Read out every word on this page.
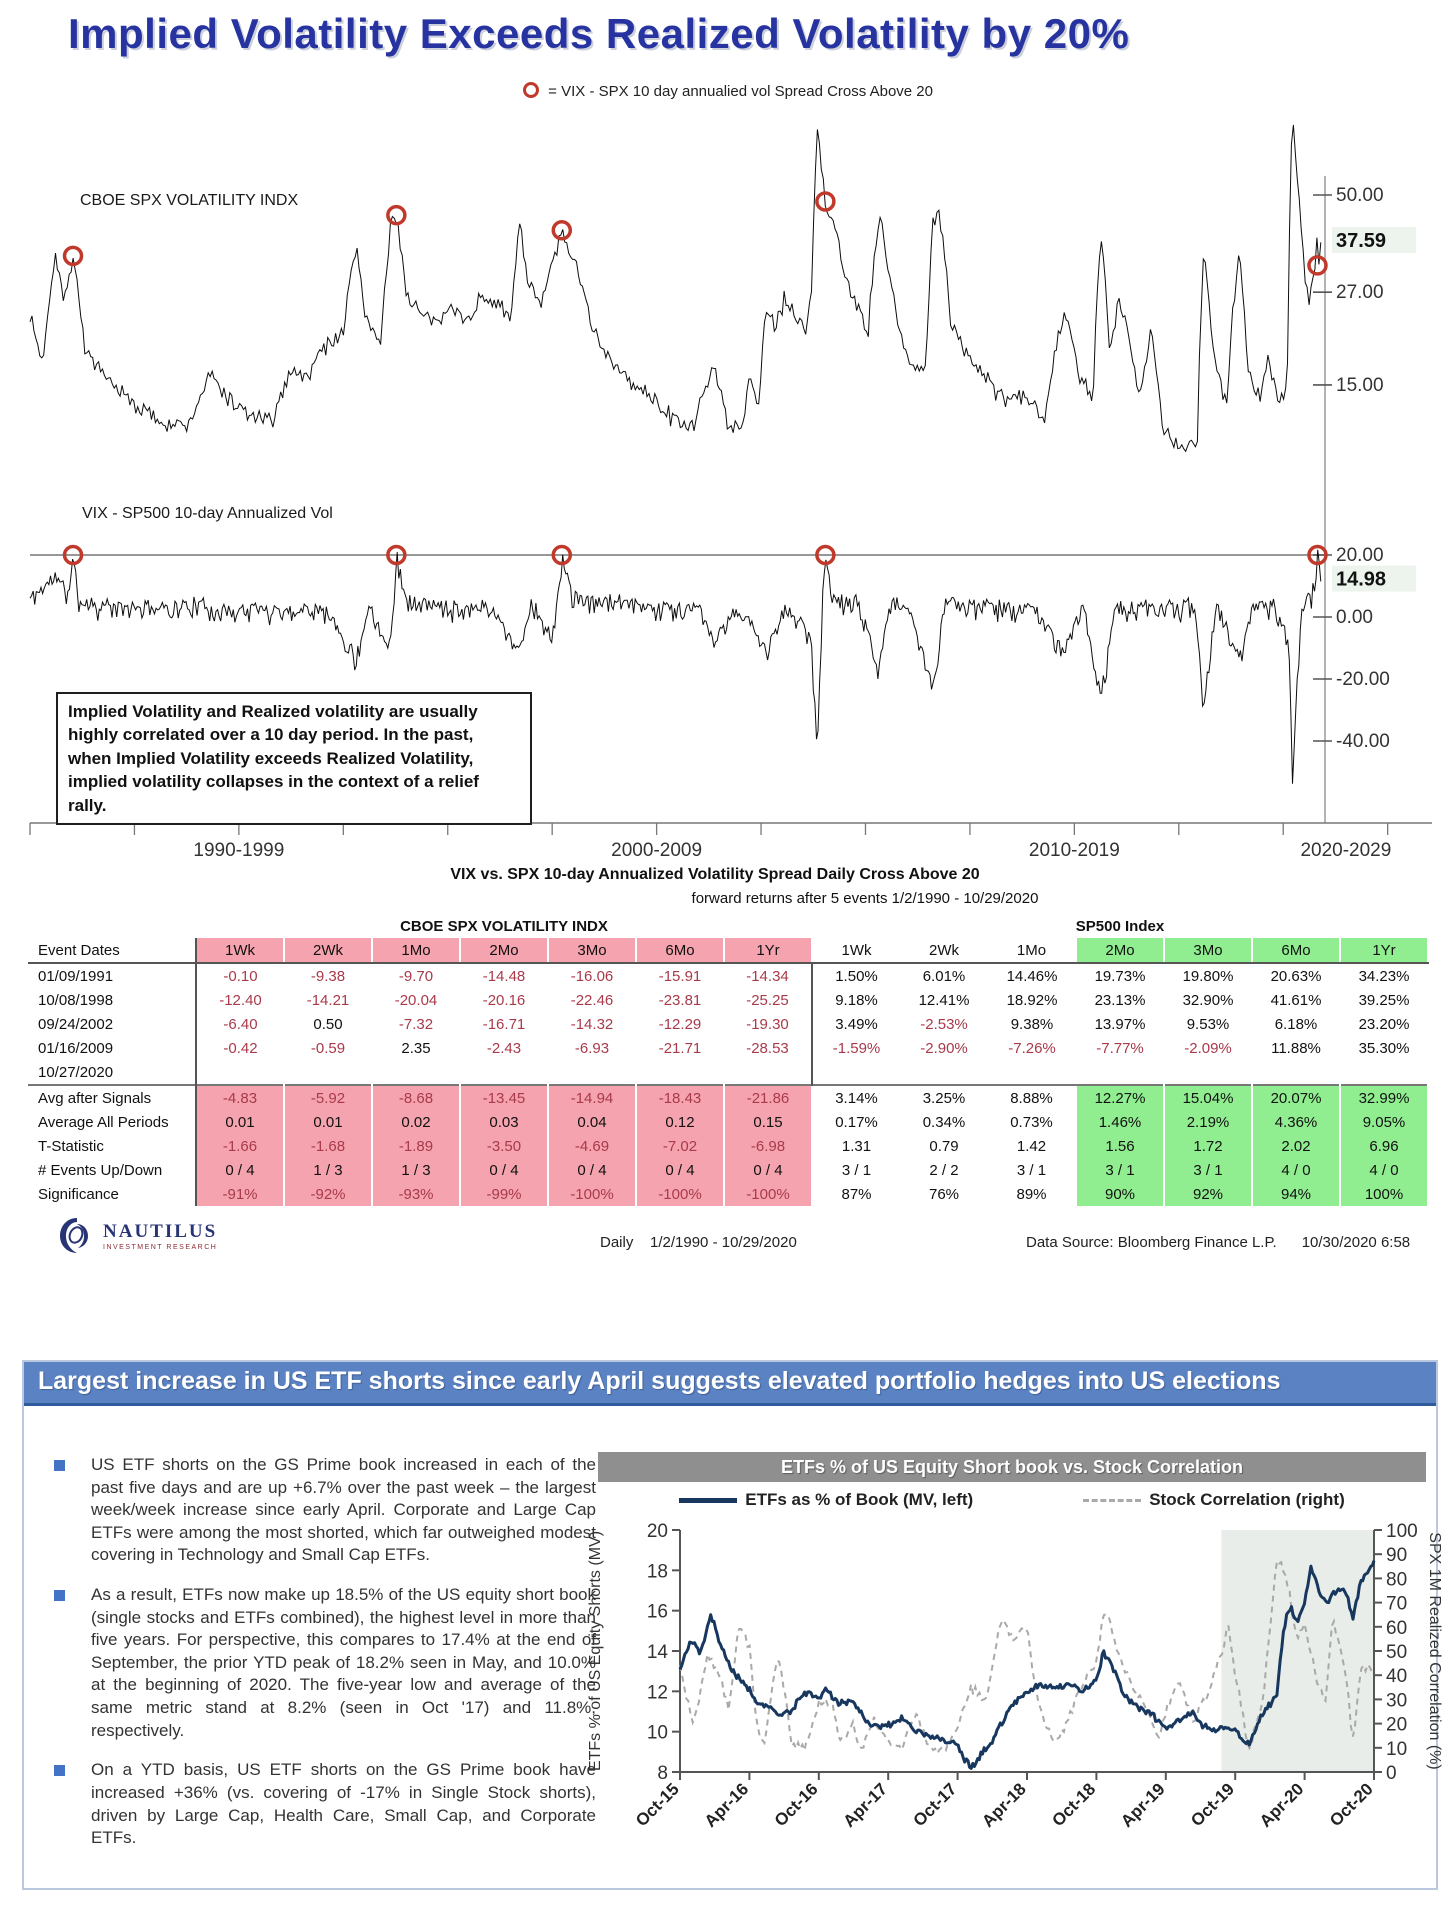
Implied Volatility Exceeds Realized Volatility by 20%
= VIX - SPX 10 day annualied vol Spread Cross Above 20
50.00
27.00
15.00
37.59
20.00
0.00
-20.00
-40.00
14.98
1990-1999	2000-2009	2010-2019	2020-2029
CBOE SPX VOLATILITY INDX
VIX - SP500 10-day Annualized Vol
Implied Volatility and Realized volatility are usually highly correlated over a 10 day period. In the past, when Implied Volatility exceeds Realized Volatility, implied volatility collapses in the context of a relief rally.
VIX vs. SPX 10-day Annualized Volatility Spread Daily Cross Above 20
forward returns after 5 events 1/2/1990 - 10/29/2020
	CBOE SPX VOLATILITY INDX							SP500 Index						
Event Dates	1Wk	2Wk	1Mo	2Mo	3Mo	6Mo	1Yr	1Wk	2Wk	1Mo	2Mo	3Mo	6Mo	1Yr
01/09/1991	-0.10	-9.38	-9.70	-14.48	-16.06	-15.91	-14.34	1.50%	6.01%	14.46%	19.73%	19.80%	20.63%	34.23%
10/08/1998	-12.40	-14.21	-20.04	-20.16	-22.46	-23.81	-25.25	9.18%	12.41%	18.92%	23.13%	32.90%	41.61%	39.25%
09/24/2002	-6.40	0.50	-7.32	-16.71	-14.32	-12.29	-19.30	3.49%	-2.53%	9.38%	13.97%	9.53%	6.18%	23.20%
01/16/2009	-0.42	-0.59	2.35	-2.43	-6.93	-21.71	-28.53	-1.59%	-2.90%	-7.26%	-7.77%	-2.09%	11.88%	35.30%
10/27/2020														
Avg after Signals	-4.83	-5.92	-8.68	-13.45	-14.94	-18.43	-21.86	3.14%	3.25%	8.88%	12.27%	15.04%	20.07%	32.99%
Average All Periods	0.01	0.01	0.02	0.03	0.04	0.12	0.15	0.17%	0.34%	0.73%	1.46%	2.19%	4.36%	9.05%
T-Statistic	-1.66	-1.68	-1.89	-3.50	-4.69	-7.02	-6.98	1.31	0.79	1.42	1.56	1.72	2.02	6.96
# Events Up/Down	0 / 4	1 / 3	1 / 3	0 / 4	0 / 4	0 / 4	0 / 4	3 / 1	2 / 2	3 / 1	3 / 1	3 / 1	4 / 0	4 / 0
Significance	-91%	-92%	-93%	-99%	-100%	-100%	-100%	87%	76%	89%	90%	92%	94%	100%
NAUTILUS
INVESTMENT RESEARCH	Daily    1/2/1990 - 10/29/2020	Data Source: Bloomberg Finance L.P.      10/30/2020 6:58
Largest increase in US ETF shorts since early April suggests elevated portfolio hedges into US elections
US ETF shorts on the GS Prime book increased in each of the past five days and are up +6.7% over the past week – the largest week/week increase since early April. Corporate and Large Cap ETFs were among the most shorted, which far outweighed modest covering in Technology and Small Cap ETFs.
As a result, ETFs now make up 18.5% of the US equity short book (single stocks and ETFs combined), the highest level in more than five years. For perspective, this compares to 17.4% at the end of September, the prior YTD peak of 18.2% seen in May, and 10.0% at the beginning of 2020. The five-year low and average of the same metric stand at 8.2% (seen in Oct '17) and 11.8%, respectively.
On a YTD basis, US ETF shorts on the GS Prime book have increased +36% (vs. covering of -17% in Single Stock shorts), driven by Large Cap, Health Care, Small Cap, and Corporate ETFs.
ETFs % of US Equity Short book vs. Stock Correlation
ETFs as % of Book (MV, left)	Stock Correlation (right)
20
18
16
14
12
10
8
100
90
80
70
60
50
40
30
20
10
0
Oct-15 Apr-16 Oct-16 Apr-17 Oct-17 Apr-18 Oct-18 Apr-19 Oct-19 Apr-20 Oct-20
ETFs % of US Equity Shorts (MV)	SPX 1M Realized Correlation (%)
